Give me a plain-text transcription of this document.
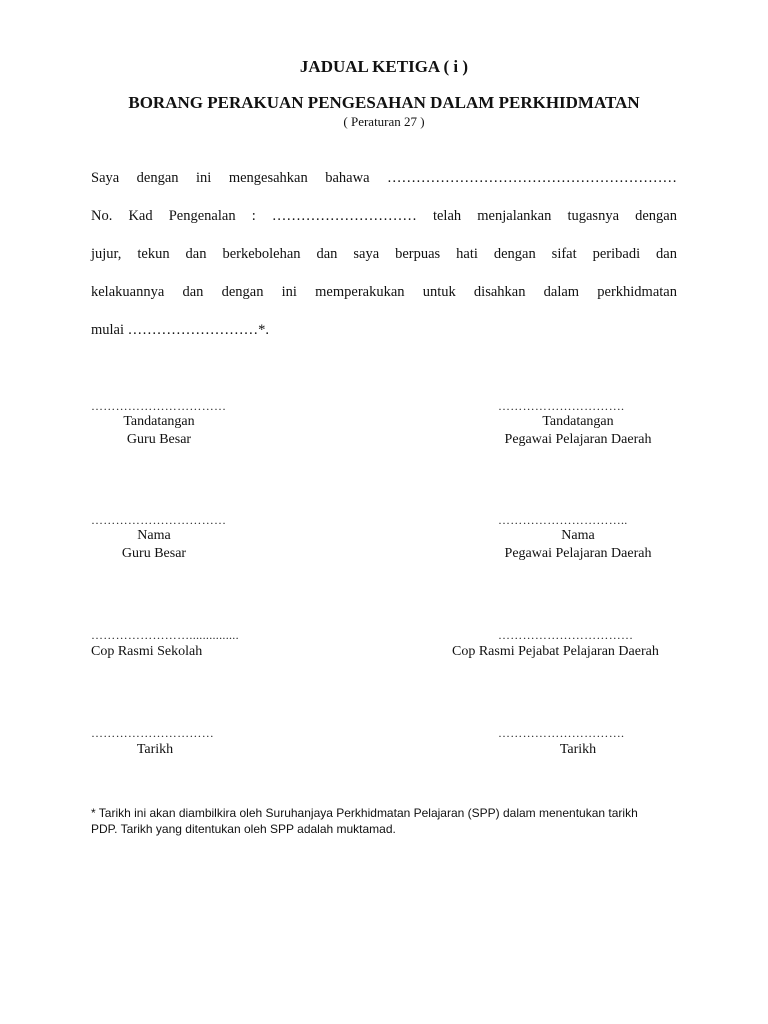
JADUAL KETIGA ( i )
BORANG PERAKUAN PENGESAHAN DALAM PERKHIDMATAN
( Peraturan 27 )
Saya dengan ini mengesahkan bahawa ……………………………………………………
No. Kad Pengenalan : ………………………… telah menjalankan tugasnya dengan
jujur, tekun dan berkebolehan dan saya berpuas hati dengan sifat peribadi dan
kelakuannya dan dengan ini memperakukan untuk disahkan dalam perkhidmatan
mulai ………………………*.
……………………………	………………………….
Tandatangan
Guru Besar
Tandatangan
Pegawai Pelajaran Daerah
……………………………	…………………………..
Nama
Guru Besar
Nama
Pegawai Pelajaran Daerah
……………………...............	……………………………
Cop Rasmi Sekolah	Cop Rasmi Pejabat Pelajaran Daerah
…………………………	………………………….
Tarikh	Tarikh
* Tarikh ini akan diambilkira oleh Suruhanjaya Perkhidmatan Pelajaran (SPP) dalam menentukan tarikh
PDP. Tarikh yang ditentukan oleh SPP adalah muktamad.
